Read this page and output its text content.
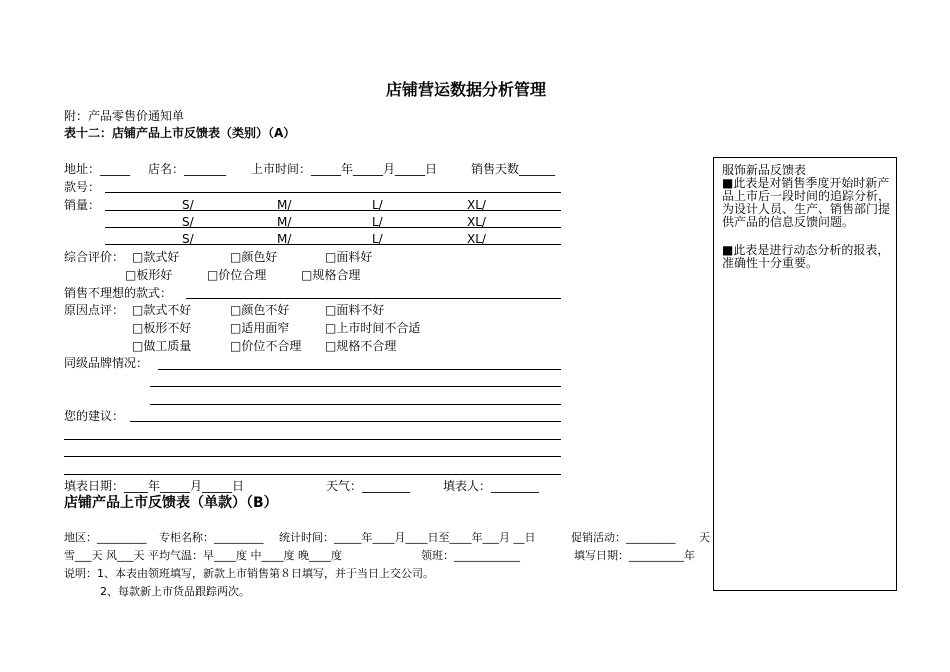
店铺营运数据分析管理
附：产品零售价通知单
表十二：店铺产品上市反馈表（类别）（A）
地址：_____ 店名：_______ 上市时间：_____年_____月_____日	销售天数______
款号：
销量：	S/	M/	L/	XL/
S/	M/	L/	XL/
S/	M/	L/	XL/
综合评价： □款式好	□颜色好	□面料好
□板形好	□价位合理	□规格合理
销售不理想的款式：
原因点评： □款式不好	□颜色不好	□面料不好
□板形不好	□适用面窄	□上市时间不合适
□做工质量	□价位不合理 □规格不合理
同级品牌情况：
您的建议：
填表日期：____年_____月_____日	天气：________	填表人：________
店铺产品上市反馈表（单款）（B）
地区：_________ 专柜名称：_________ 统计时间：_____年____月____日至____年___月 __日	促销活动：_________ 天
雪___天 风___天 平均气温：早____度 中____度 晚____度	领班：____________	填写日期：__________年
说明：1、本表由领班填写，新款上市销售第８日填写，并于当日上交公司。
2、每款新上市货品跟踪两次。
服饰新品反馈表
■此表是对销售季度开始时新产品上市后一段时间的追踪分析，为设计人员、生产、销售部门提供产品的信息反馈问题。
■此表是进行动态分析的报表，准确性十分重要。
